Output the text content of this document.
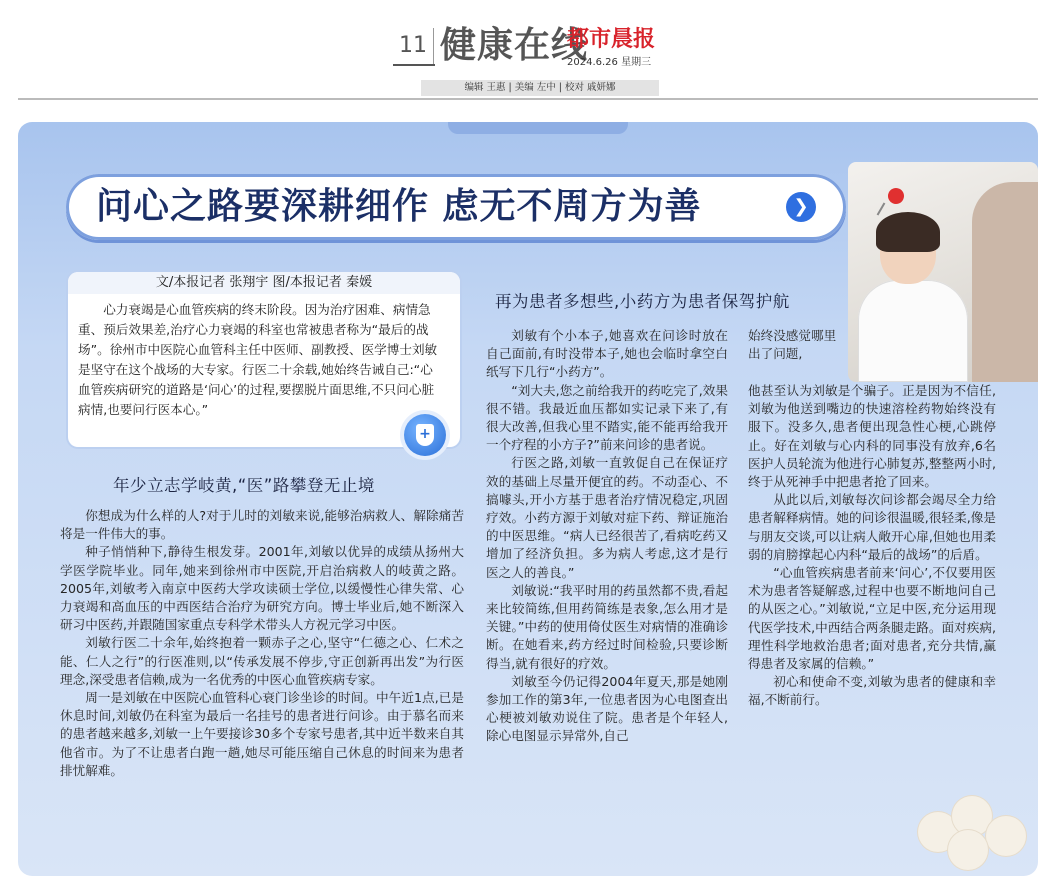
11 健康在线
都市晨报
2024.6.26 星期三
编辑 王惠 | 美编 左中 | 校对 戚妍娜
问心之路要深耕细作 虑无不周方为善	❯
文/本报记者 张翔宇 图/本报记者 秦媛
心力衰竭是心血管疾病的终末阶段。因为治疗困难、病情急重、预后效果差,治疗心力衰竭的科室也常被患者称为“最后的战场”。徐州市中医院心血管科主任中医师、副教授、医学博士刘敏是坚守在这个战场的大专家。行医二十余载,她始终告诫自己:“心血管疾病研究的道路是‘问心’的过程,要摆脱片面思维,不只问心脏病情,也要问行医本心。”
+
年少立志学岐黄,“医”路攀登无止境
再为患者多想些,小药方为患者保驾护航

你想成为什么样的人?对于儿时的刘敏来说,能够治病救人、解除痛苦将是一件伟大的事。

种子悄悄种下,静待生根发芽。2001年,刘敏以优异的成绩从扬州大学医学院毕业。同年,她来到徐州市中医院,开启治病救人的岐黄之路。2005年,刘敏考入南京中医药大学攻读硕士学位,以缓慢性心律失常、心力衰竭和高血压的中西医结合治疗为研究方向。博士毕业后,她不断深入研习中医药,并跟随国家重点专科学术带头人方祝元学习中医。

刘敏行医二十余年,始终抱着一颗赤子之心,坚守“仁德之心、仁术之能、仁人之行”的行医准则,以“传承发展不停步,守正创新再出发”为行医理念,深受患者信赖,成为一名优秀的中医心血管疾病专家。

周一是刘敏在中医院心血管科心衰门诊坐诊的时间。中午近1点,已是休息时间,刘敏仍在科室为最后一名挂号的患者进行问诊。由于慕名而来的患者越来越多,刘敏一上午要接诊30多个专家号患者,其中近半数来自其他省市。为了不让患者白跑一趟,她尽可能压缩自己休息的时间来为患者排忧解难。

刘敏有个小本子,她喜欢在问诊时放在自己面前,有时没带本子,她也会临时拿空白纸写下几行“小药方”。

“刘大夫,您之前给我开的药吃完了,效果很不错。我最近血压都如实记录下来了,有很大改善,但我心里不踏实,能不能再给我开一个疗程的小方子?”前来问诊的患者说。

行医之路,刘敏一直敦促自己在保证疗效的基础上尽量开便宜的药。不动歪心、不搞噱头,开小方基于患者治疗情况稳定,巩固疗效。小药方源于刘敏对症下药、辩证施治的中医思维。“病人已经很苦了,看病吃药又增加了经济负担。多为病人考虑,这才是行医之人的善良。”

刘敏说:“我平时用的药虽然都不贵,看起来比较简练,但用药简练是表象,怎么用才是关键。”中药的使用倚仗医生对病情的准确诊断。在她看来,药方经过时间检验,只要诊断得当,就有很好的疗效。

刘敏至今仍记得2004年夏天,那是她刚参加工作的第3年,一位患者因为心电图查出心梗被刘敏劝说住了院。患者是个年轻人,除心电图显示异常外,自己

始终没感觉哪里出了问题,

他甚至认为刘敏是个骗子。正是因为不信任,刘敏为他送到嘴边的快速溶栓药物始终没有服下。没多久,患者便出现急性心梗,心跳停止。好在刘敏与心内科的同事没有放弃,6名医护人员轮流为他进行心肺复苏,整整两小时,终于从死神手中把患者抢了回来。

从此以后,刘敏每次问诊都会竭尽全力给患者解释病情。她的问诊很温暖,很轻柔,像是与朋友交谈,可以让病人敞开心扉,但她也用柔弱的肩膀撑起心内科“最后的战场”的后盾。

“心血管疾病患者前来‘问心’,不仅要用医术为患者答疑解惑,过程中也要不断地问自己的从医之心。”刘敏说,“立足中医,充分运用现代医学技术,中西结合两条腿走路。面对疾病,理性科学地救治患者;面对患者,充分共情,赢得患者及家属的信赖。”

初心和使命不变,刘敏为患者的健康和幸福,不断前行。
